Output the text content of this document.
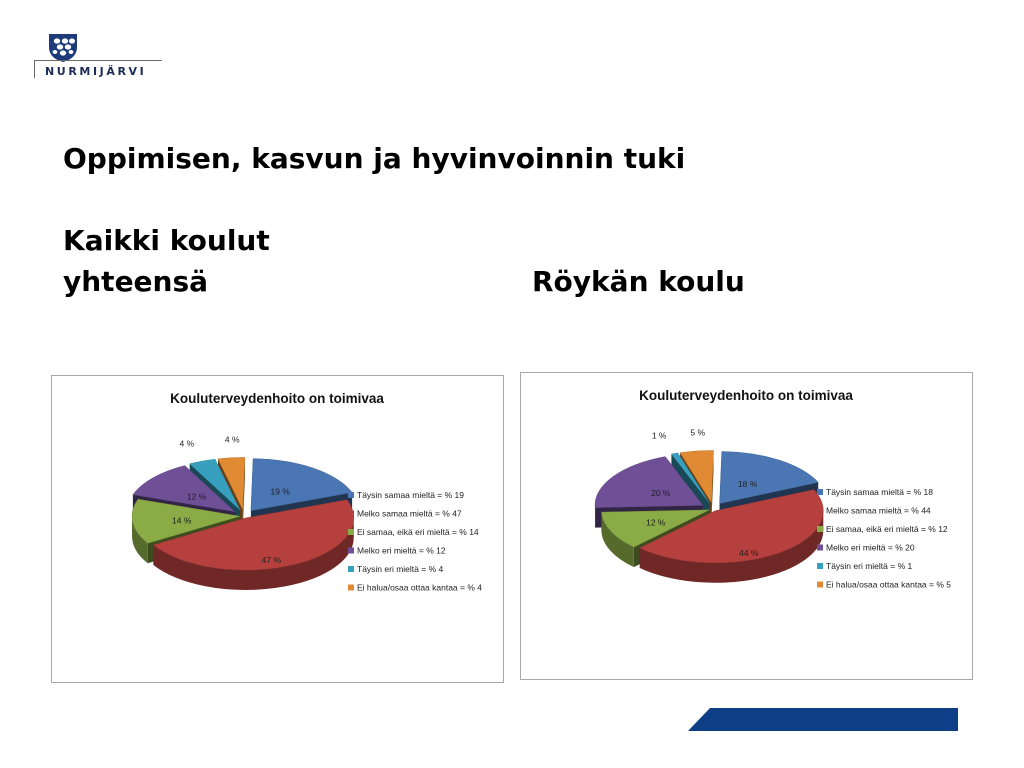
NURMIJÄRVI
Oppimisen, kasvun ja hyvinvoinnin tuki
Kaikki koulut
yhteensä	Röykän koulu
Kouluterveydenhoito on toimivaa
19 %
47 %
14 %
12 %
4 %	4 %
Täysin samaa mieltä = % 19
Melko samaa mieltä = % 47
Ei samaa, eikä eri mieltä = % 14
Melko eri mieltä = % 12
Täysin eri mieltä = % 4
Ei halua/osaa ottaa kantaa = % 4
Kouluterveydenhoito on toimivaa
18 %
44 %
12 %
20 %
1 %	5 %
Täysin samaa mieltä = % 18
Melko samaa mieltä = % 44
Ei samaa, eikä eri mieltä = % 12
Melko eri mieltä = % 20
Täysin eri mieltä = % 1
Ei halua/osaa ottaa kantaa = % 5
